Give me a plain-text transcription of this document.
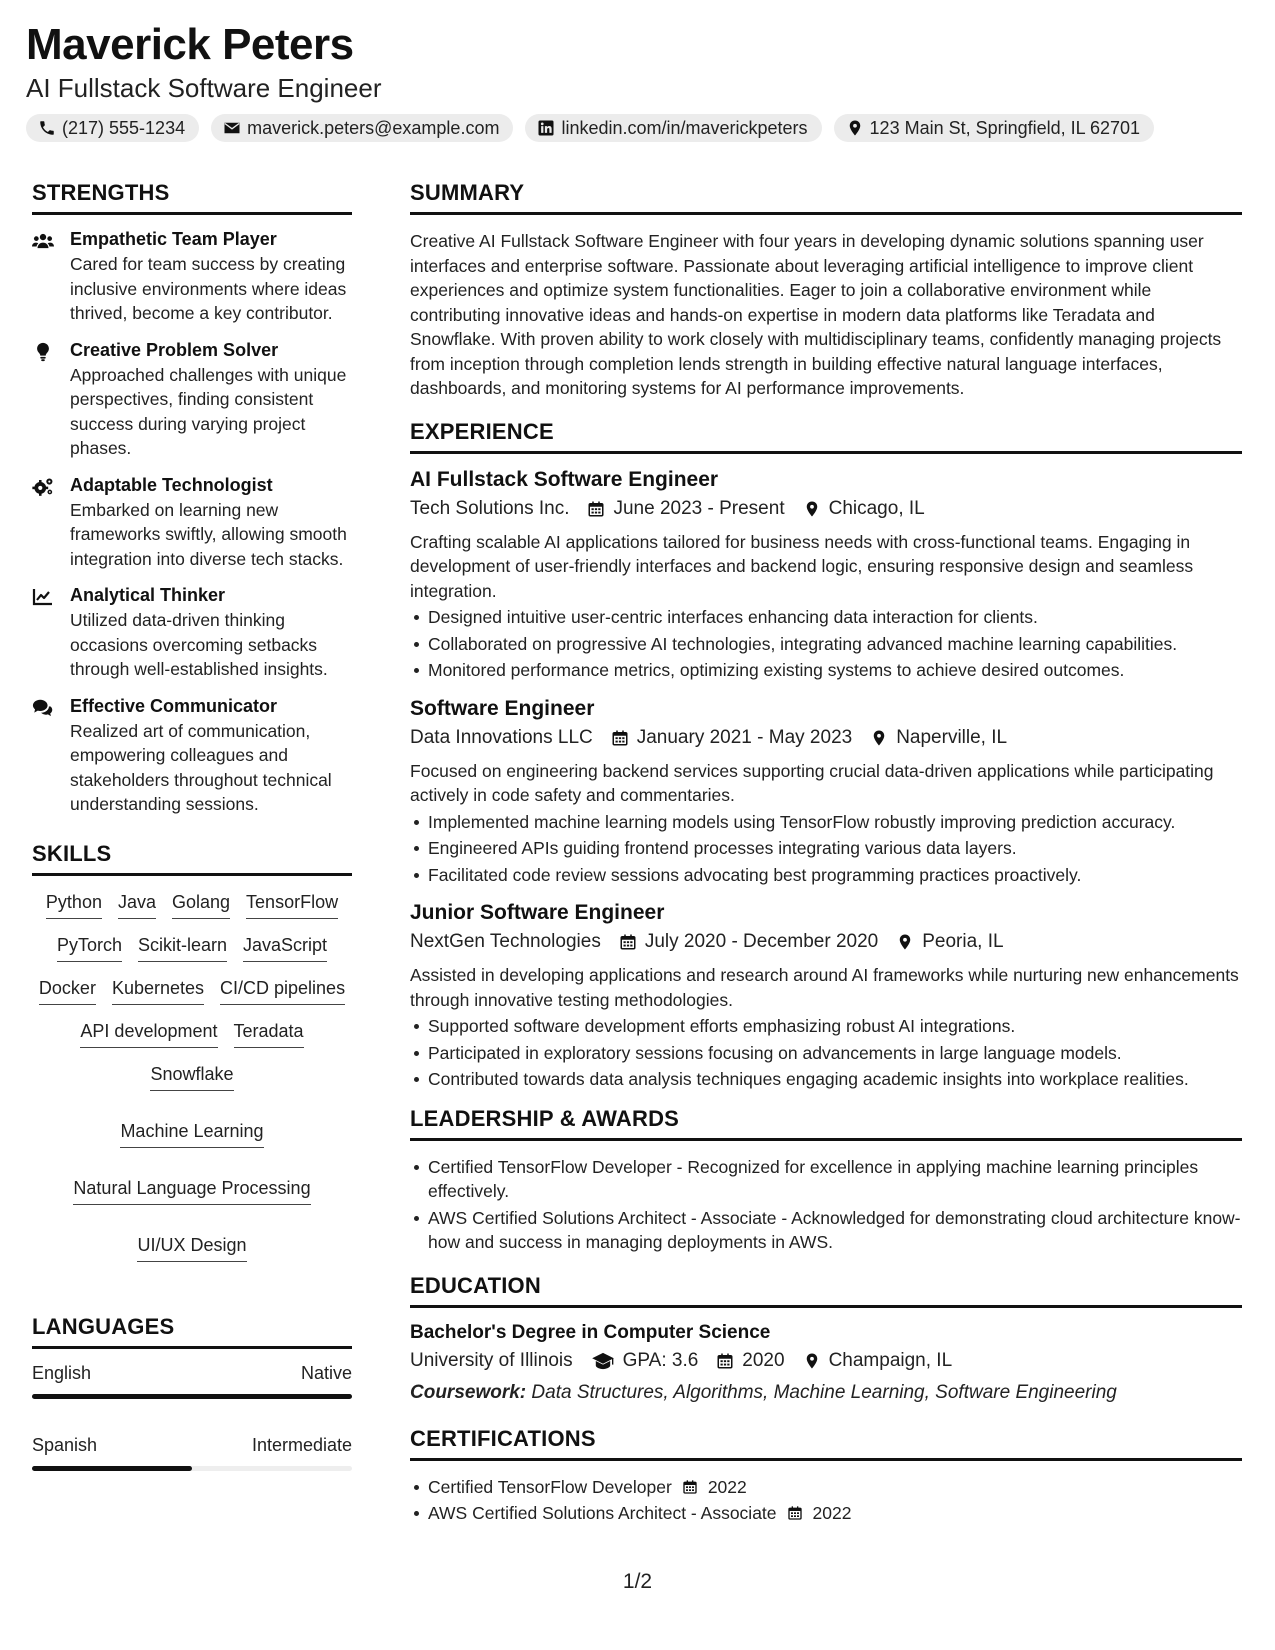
Maverick Peters
AI Fullstack Software Engineer
(217) 555-1234	maverick.peters@example.com	linkedin.com/in/maverickpeters	123 Main St, Springfield, IL 62701
STRENGTHS
Empathetic Team Player
Cared for team success by creating inclusive environments where ideas thrived, become a key contributor.
Creative Problem Solver
Approached challenges with unique perspectives, finding consistent success during varying project phases.
Adaptable Technologist
Embarked on learning new frameworks swiftly, allowing smooth integration into diverse tech stacks.
Analytical Thinker
Utilized data-driven thinking occasions overcoming setbacks through well-established insights.
Effective Communicator
Realized art of communication, empowering colleagues and stakeholders throughout technical understanding sessions.
SKILLS
Python Java Golang TensorFlow
PyTorch Scikit-learn JavaScript
Docker Kubernetes CI/CD pipelines
API development Teradata
Snowflake
Machine Learning
Natural Language Processing
UI/UX Design
LANGUAGES
English	Native
Spanish	Intermediate
SUMMARY

Creative AI Fullstack Software Engineer with four years in developing dynamic solutions spanning user interfaces and enterprise software. Passionate about leveraging artificial intelligence to improve client experiences and optimize system functionalities. Eager to join a collaborative environment while contributing innovative ideas and hands-on expertise in modern data platforms like Teradata and Snowflake. With proven ability to work closely with multidisciplinary teams, confidently managing projects from inception through completion lends strength in building effective natural language interfaces, dashboards, and monitoring systems for AI performance improvements.

EXPERIENCE
AI Fullstack Software Engineer
Tech Solutions Inc. June 2023 - Present Chicago, IL
Crafting scalable AI applications tailored for business needs with cross-functional teams. Engaging in development of user-friendly interfaces and backend logic, ensuring responsive design and seamless integration.
Designed intuitive user-centric interfaces enhancing data interaction for clients.
Collaborated on progressive AI technologies, integrating advanced machine learning capabilities.
Monitored performance metrics, optimizing existing systems to achieve desired outcomes.
Software Engineer
Data Innovations LLC January 2021 - May 2023 Naperville, IL
Focused on engineering backend services supporting crucial data-driven applications while participating actively in code safety and commentaries.
Implemented machine learning models using TensorFlow robustly improving prediction accuracy.
Engineered APIs guiding frontend processes integrating various data layers.
Facilitated code review sessions advocating best programming practices proactively.
Junior Software Engineer
NextGen Technologies July 2020 - December 2020 Peoria, IL
Assisted in developing applications and research around AI frameworks while nurturing new enhancements through innovative testing methodologies.
Supported software development efforts emphasizing robust AI integrations.
Participated in exploratory sessions focusing on advancements in large language models.
Contributed towards data analysis techniques engaging academic insights into workplace realities.
LEADERSHIP & AWARDS
Certified TensorFlow Developer - Recognized for excellence in applying machine learning principles effectively.
AWS Certified Solutions Architect - Associate - Acknowledged for demonstrating cloud architecture know-how and success in managing deployments in AWS.
EDUCATION
Bachelor's Degree in Computer Science
University of Illinois	GPA: 3.6 2020 Champaign, IL
Coursework: Data Structures, Algorithms, Machine Learning, Software Engineering
CERTIFICATIONS
Certified TensorFlow Developer 2022
AWS Certified Solutions Architect - Associate 2022
1/2
